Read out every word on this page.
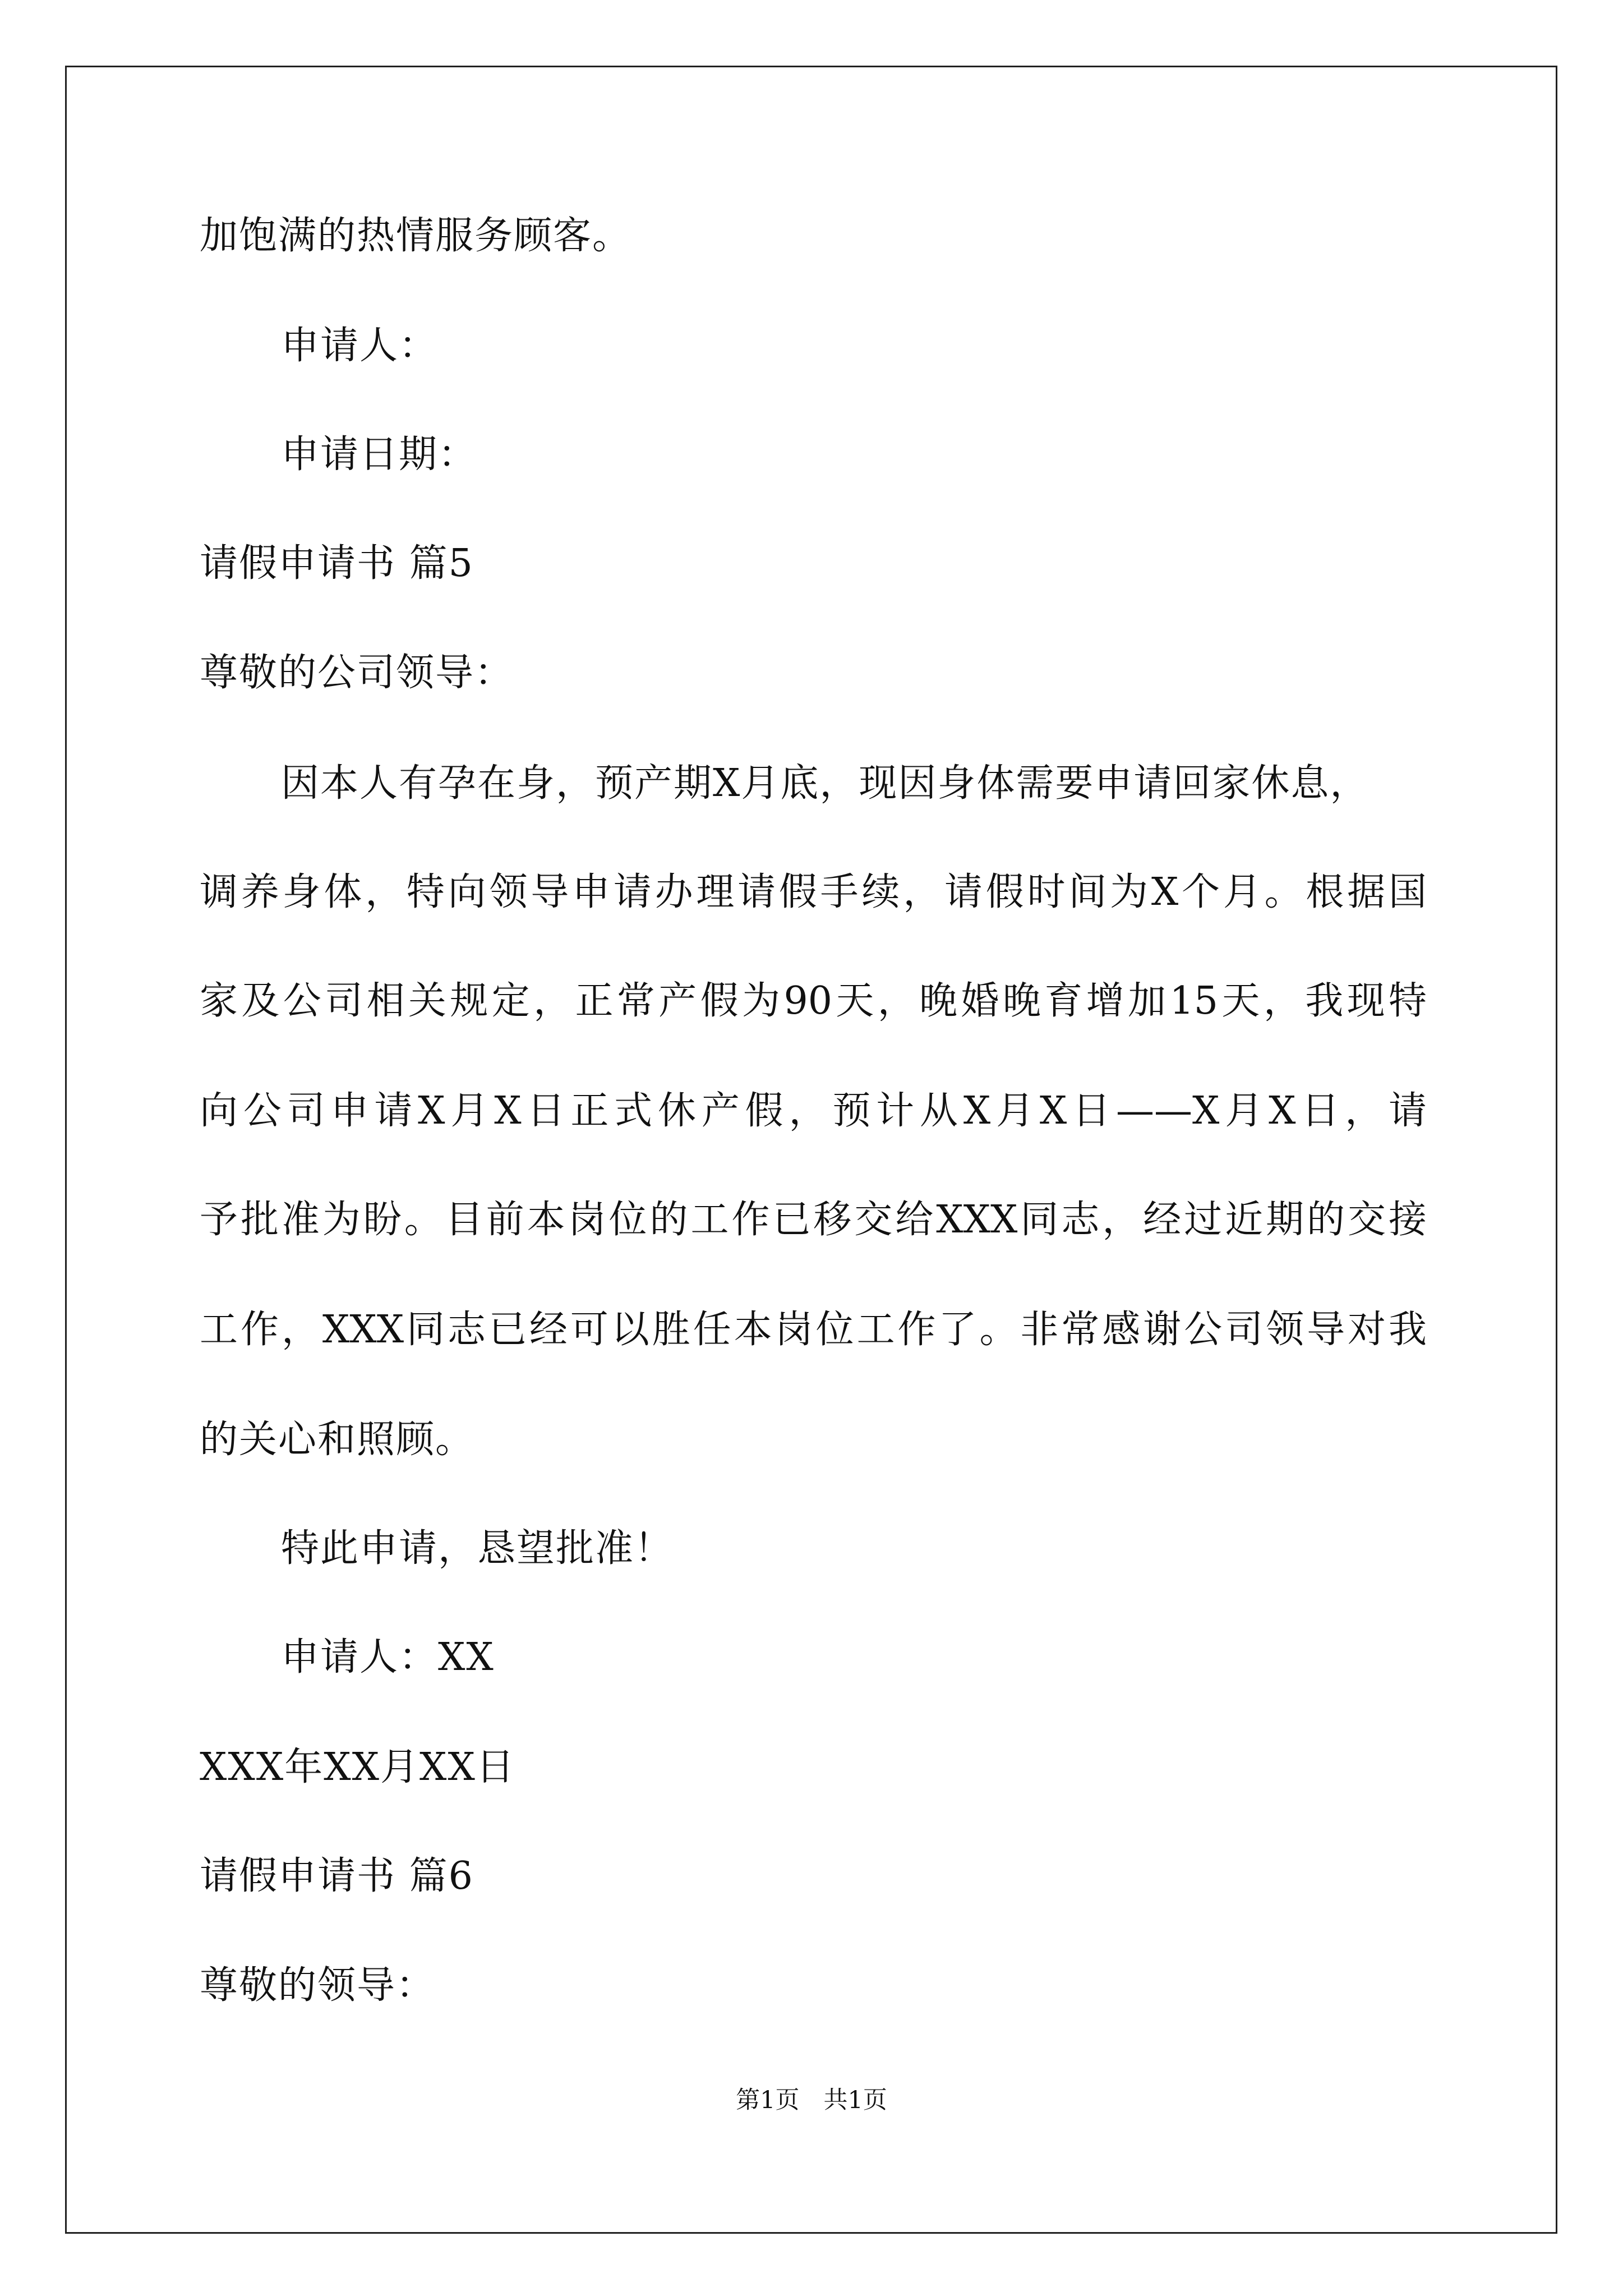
加饱满的热情服务顾客。

申请人：

申请日期：

请假申请书 篇5

尊敬的公司领导：

因本人有孕在身，预产期X月底，现因身体需要申请回家休息，

调养身体，特向领导申请办理请假手续，请假时间为X个月。根据国

家及公司相关规定，正常产假为90天，晚婚晚育增加15天，我现特

向公司申请X月X日正式休产假，预计从X月X日——X月X日，请

予批准为盼。目前本岗位的工作已移交给XXX同志，经过近期的交接

工作，XXX同志已经可以胜任本岗位工作了。非常感谢公司领导对我

的关心和照顾。

特此申请，恳望批准！

申请人：XX

XXX年XX月XX日

请假申请书 篇6

尊敬的领导：

第1页　共1页
